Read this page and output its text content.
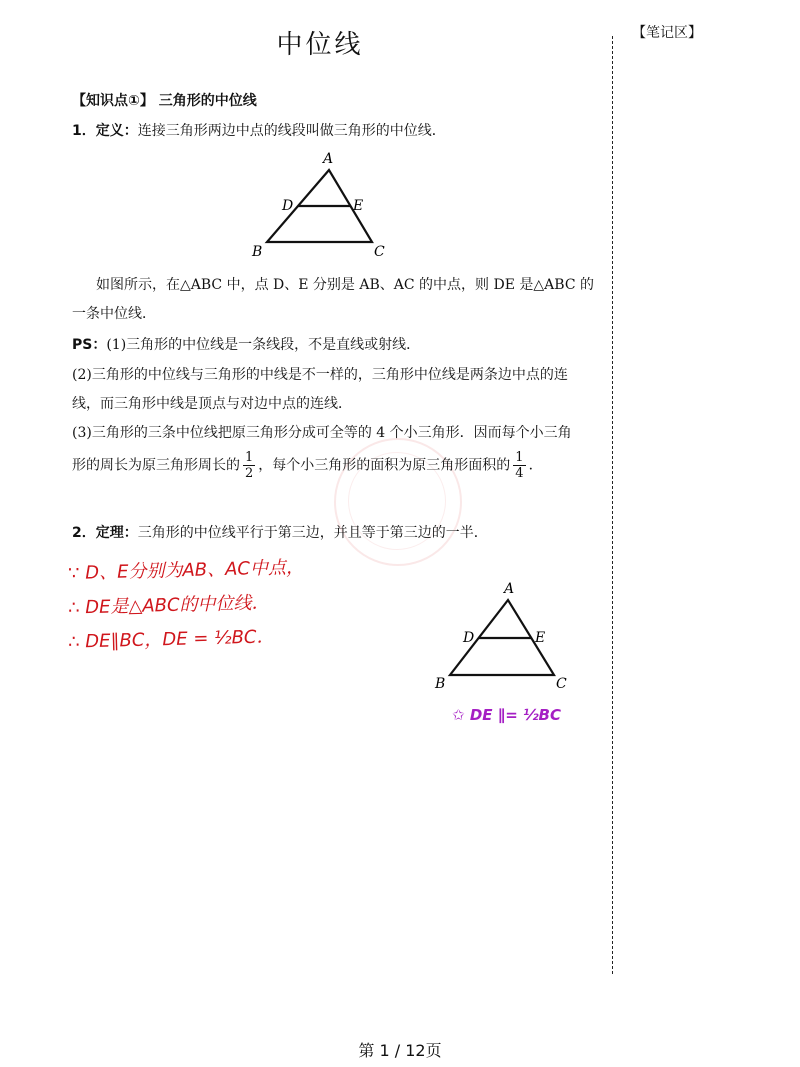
中位线	【笔记区】
【知识点①】 三角形的中位线
1．定义：连接三角形两边中点的线段叫做三角形的中位线．
A
D	E
B	C
如图所示，在△ABC 中，点 D、E 分别是 AB、AC 的中点，则 DE 是△ABC 的
一条中位线．
PS：(1)三角形的中位线是一条线段，不是直线或射线．
(2)三角形的中位线与三角形的中线是不一样的，三角形中位线是两条边中点的连
线，而三角形中线是顶点与对边中点的连线．
(3)三角形的三条中位线把原三角形分成可全等的 4 个小三角形．因而每个小三角
形的周长为原三角形周长的 $\frac{1}{2}$ ，每个小三角形的面积为原三角形面积的 $\frac{1}{4}$ ．
2．定理：三角形的中位线平行于第三边，并且等于第三边的一半．
∵ D、E分别为AB、AC中点，
∴ DE是△ABC的中位线．
∴ DE∥BC，DE = ½BC．
A
D	E
B	C
✩ DE ∥= ½BC
第 1 / 12页
